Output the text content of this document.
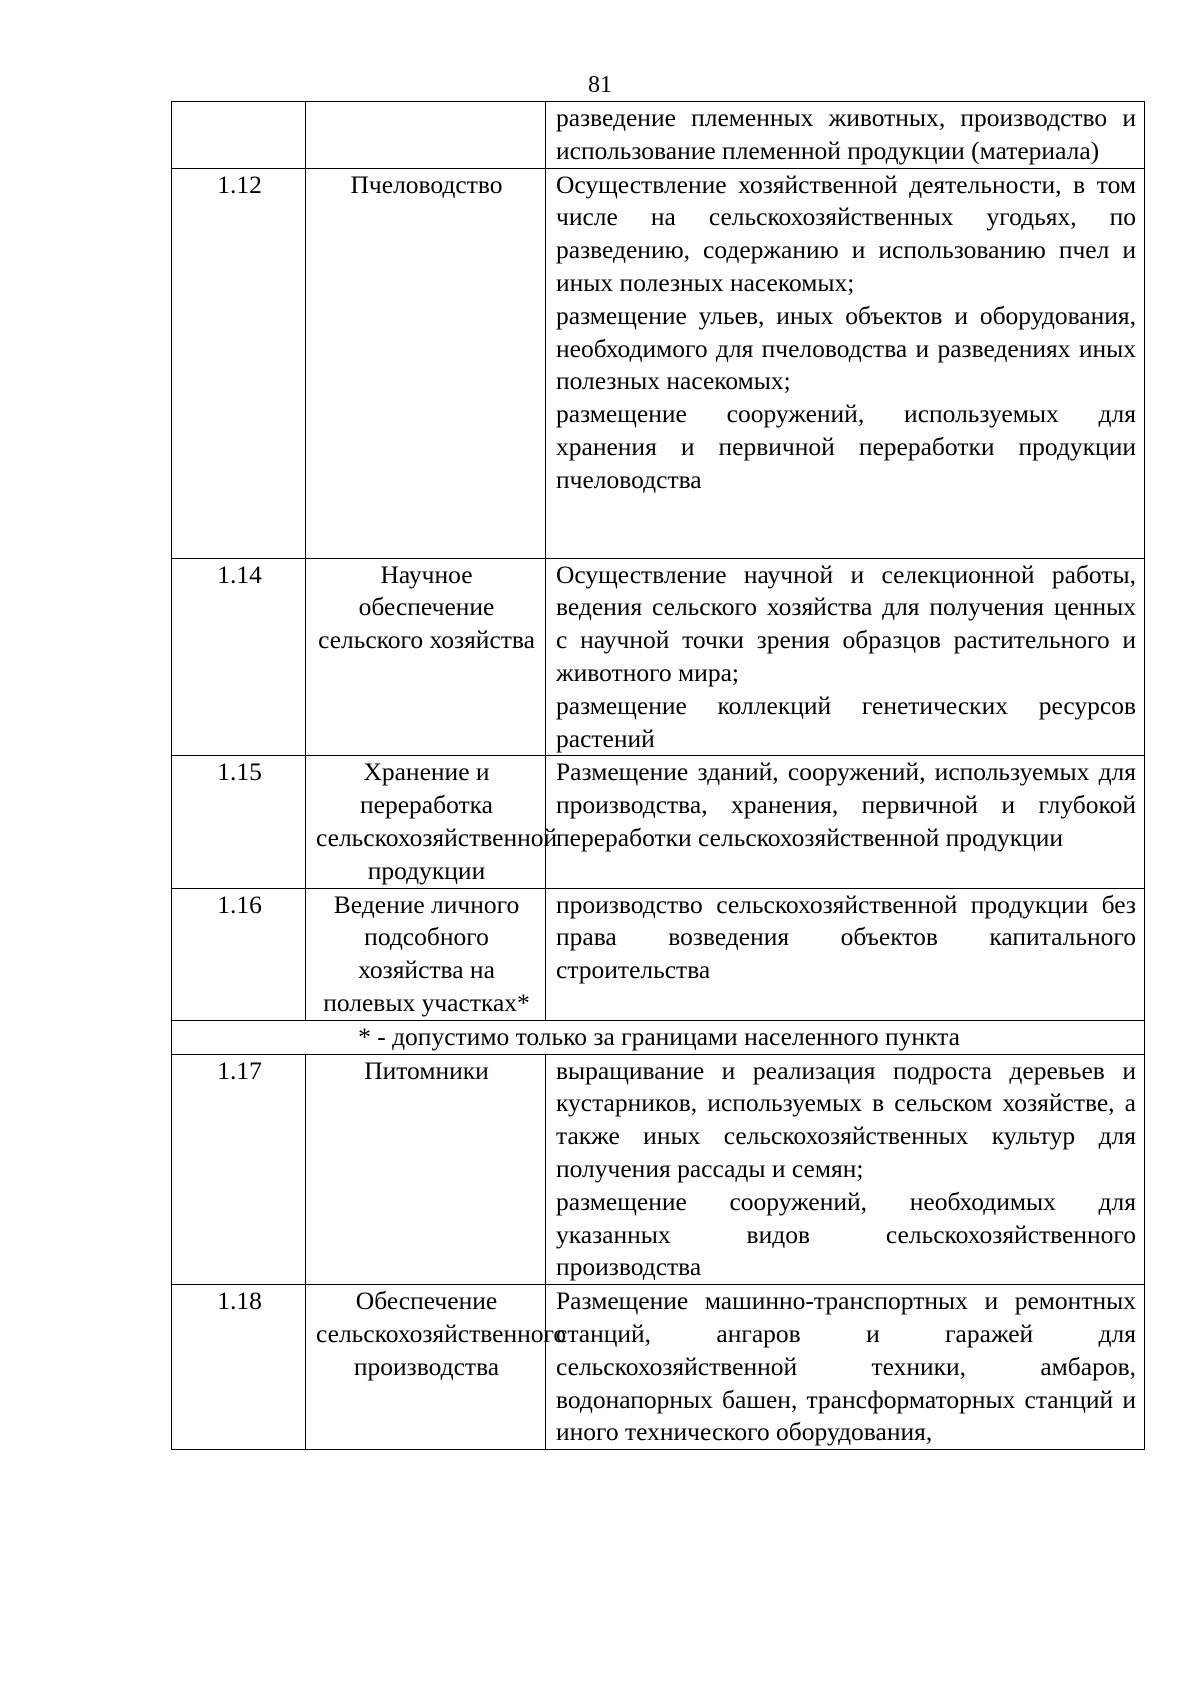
81

		разведение племенных животных, производство и использование племенной продукции (материала)

1.12	Пчеловодство	Осуществление хозяйственной деятельности, в том числе на сельскохозяйственных угодьях, по разведению, содержанию и использованию пчел и иных полезных насекомых;
размещение ульев, иных объектов и оборудования, необходимого для пчеловодства и разведениях иных полезных насекомых;
размещение сооружений, используемых для хранения и первичной переработки продукции пчеловодства

1.14	Научное обеспечение сельского хозяйства	Осуществление научной и селекционной работы, ведения сельского хозяйства для получения ценных с научной точки зрения образцов растительного и животного мира;
размещение коллекций генетических ресурсов растений

1.15	Хранение и переработка сельскохозяйственной продукции	Размещение зданий, сооружений, используемых для производства, хранения, первичной и глубокой переработки сельскохозяйственной продукции

1.16	Ведение личного подсобного хозяйства на полевых участках*	производство сельскохозяйственной продукции без права возведения объектов капитального строительства

* - допустимо только за границами населенного пункта		
1.17	Питомники	выращивание и реализация подроста деревьев и кустарников, используемых в сельском хозяйстве, а также иных сельскохозяйственных культур для получения рассады и семян;
размещение сооружений, необходимых для указанных видов сельскохозяйственного производства

1.18	Обеспечение сельскохозяйственного производства	Размещение машинно-транспортных и ремонтных станций, ангаров и гаражей для сельскохозяйственной техники, амбаров, водонапорных башен, трансформаторных станций и иного технического оборудования,
